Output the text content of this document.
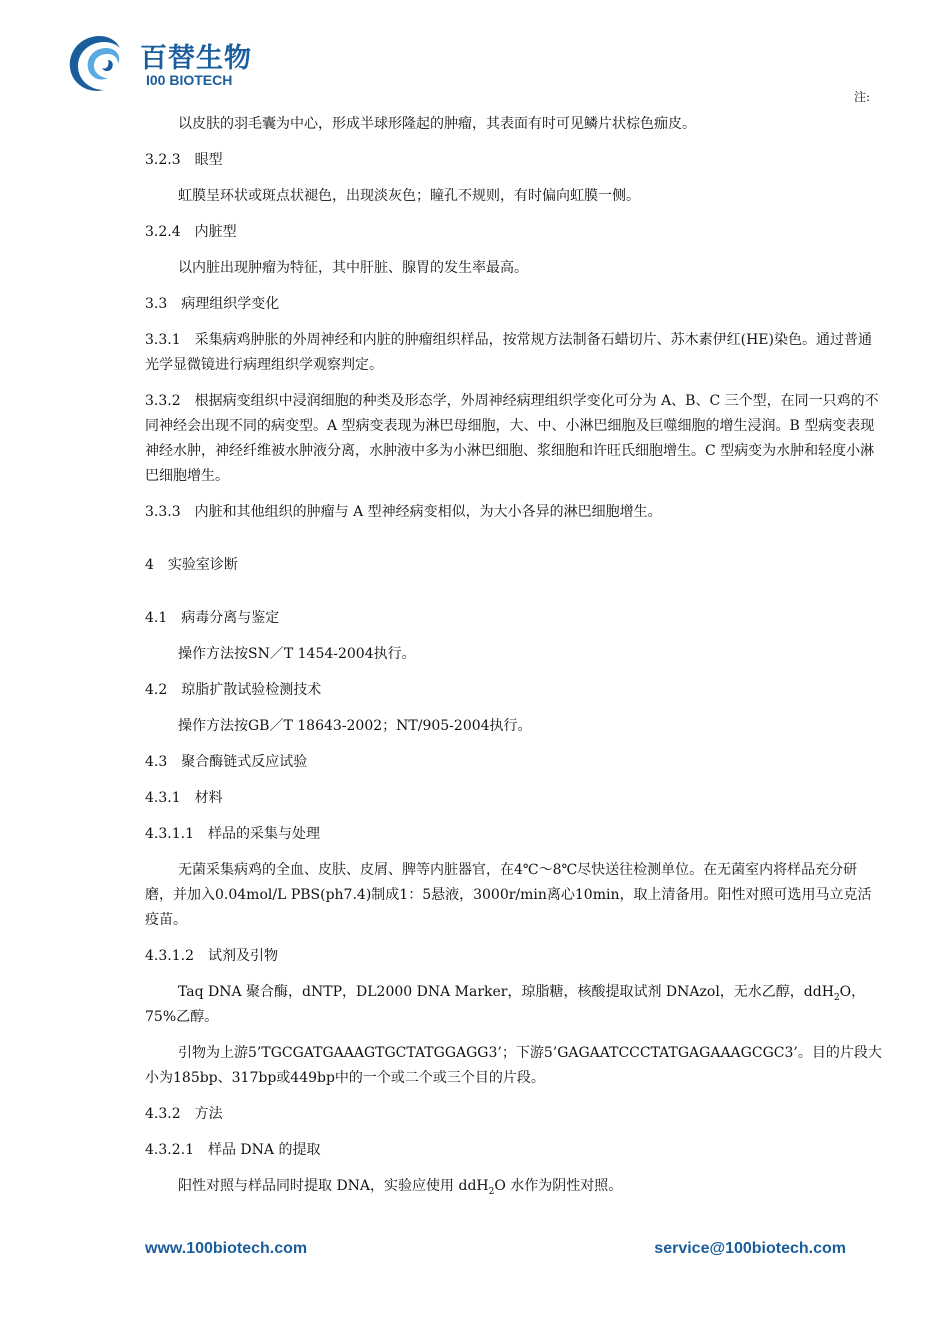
百替生物
I00 BIOTECH
注:

以皮肤的羽毛囊为中心，形成半球形隆起的肿瘤，其表面有时可见鳞片状棕色痂皮。

3.2.3　眼型

虹膜呈环状或斑点状褪色，出现淡灰色；瞳孔不规则，有时偏向虹膜一侧。

3.2.4　内脏型

以内脏出现肿瘤为特征，其中肝脏、腺胃的发生率最高。

3.3　病理组织学变化

3.3.1　采集病鸡肿胀的外周神经和内脏的肿瘤组织样品，按常规方法制备石蜡切片、苏木素伊红(HE)染色。通过普通光学显微镜进行病理组织学观察判定。

3.3.2　根据病变组织中浸润细胞的种类及形态学，外周神经病理组织学变化可分为 A、B、C 三个型，在同一只鸡的不同神经会出现不同的病变型。A 型病变表现为淋巴母细胞，大、中、小淋巴细胞及巨噬细胞的增生浸润。B 型病变表现神经水肿，神经纤维被水肿液分离，水肿液中多为小淋巴细胞、浆细胞和许旺氏细胞增生。C 型病变为水肿和轻度小淋巴细胞增生。

3.3.3　内脏和其他组织的肿瘤与 A 型神经病变相似，为大小各异的淋巴细胞增生。

4　实验室诊断

4.1　病毒分离与鉴定

操作方法按SN／T 1454-2004执行。

4.2　琼脂扩散试验检测技术

操作方法按GB／T 18643-2002；NT/905-2004执行。

4.3　聚合酶链式反应试验

4.3.1　材料

4.3.1.1　样品的采集与处理

无菌采集病鸡的全血、皮肤、皮屑、脾等内脏器官，在4℃～8℃尽快送往检测单位。在无菌室内将样品充分研磨，并加入0.04mol/L PBS(ph7.4)制成1：5悬液，3000r/min离心10min，取上清备用。阳性对照可选用马立克活疫苗。

4.3.1.2　试剂及引物

Taq DNA 聚合酶，dNTP，DL2000 DNA Marker，琼脂糖，核酸提取试剂 DNAzol，无水乙醇，ddH$_2$O，75%乙醇。

引物为上游5’TGCGATGAAAGTGCTATGGAGG3’；下游5’GAGAATCCCTATGAGAAAGCGC3’。目的片段大小为185bp、317bp或449bp中的一个或二个或三个目的片段。

4.3.2　方法

4.3.2.1　样品 DNA 的提取

阳性对照与样品同时提取 DNA，实验应使用 ddH$_2$O 水作为阴性对照。

www.100biotech.com	service@100biotech.com
